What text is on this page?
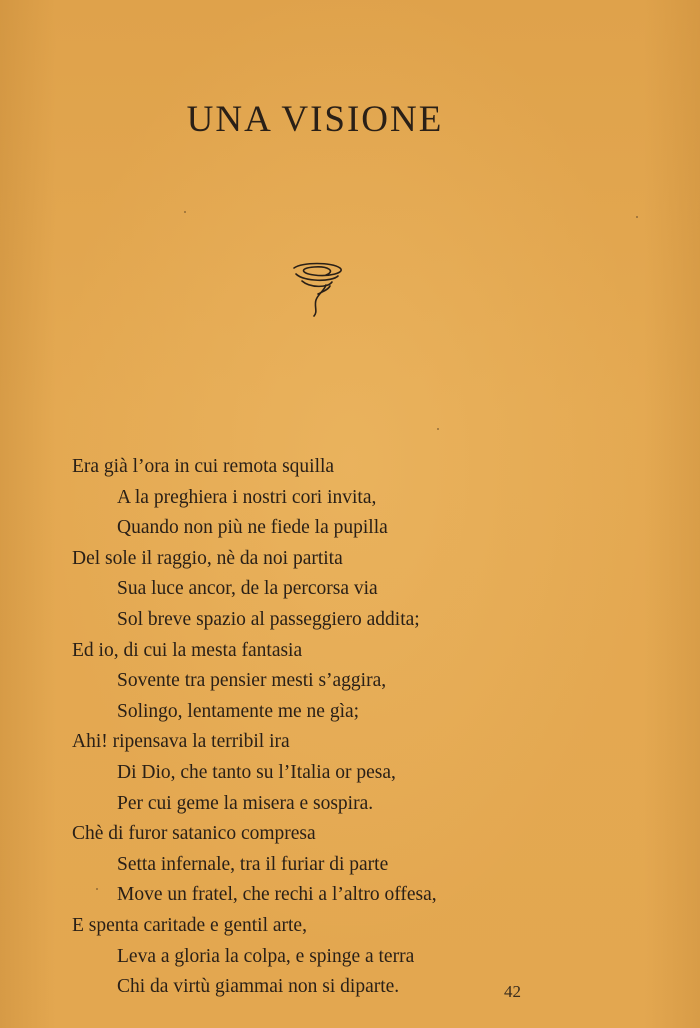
UNA VISIONE
Era già l’ora in cui remota squilla
A la preghiera i nostri cori invita,
Quando non più ne fiede la pupilla
Del sole il raggio, nè da noi partita
Sua luce ancor, de la percorsa via
Sol breve spazio al passeggiero addita;
Ed io, di cui la mesta fantasia
Sovente tra pensier mesti s’aggira,
Solingo, lentamente me ne gìa;
Ahi! ripensava la terribil ira
Di Dio, che tanto su l’Italia or pesa,
Per cui geme la misera e sospira.
Chè di furor satanico compresa
Setta infernale, tra il furiar di parte
Move un fratel, che rechi a l’altro offesa,
E spenta caritade e gentil arte,
Leva a gloria la colpa, e spinge a terra
Chi da virtù giammai non si diparte.	42
